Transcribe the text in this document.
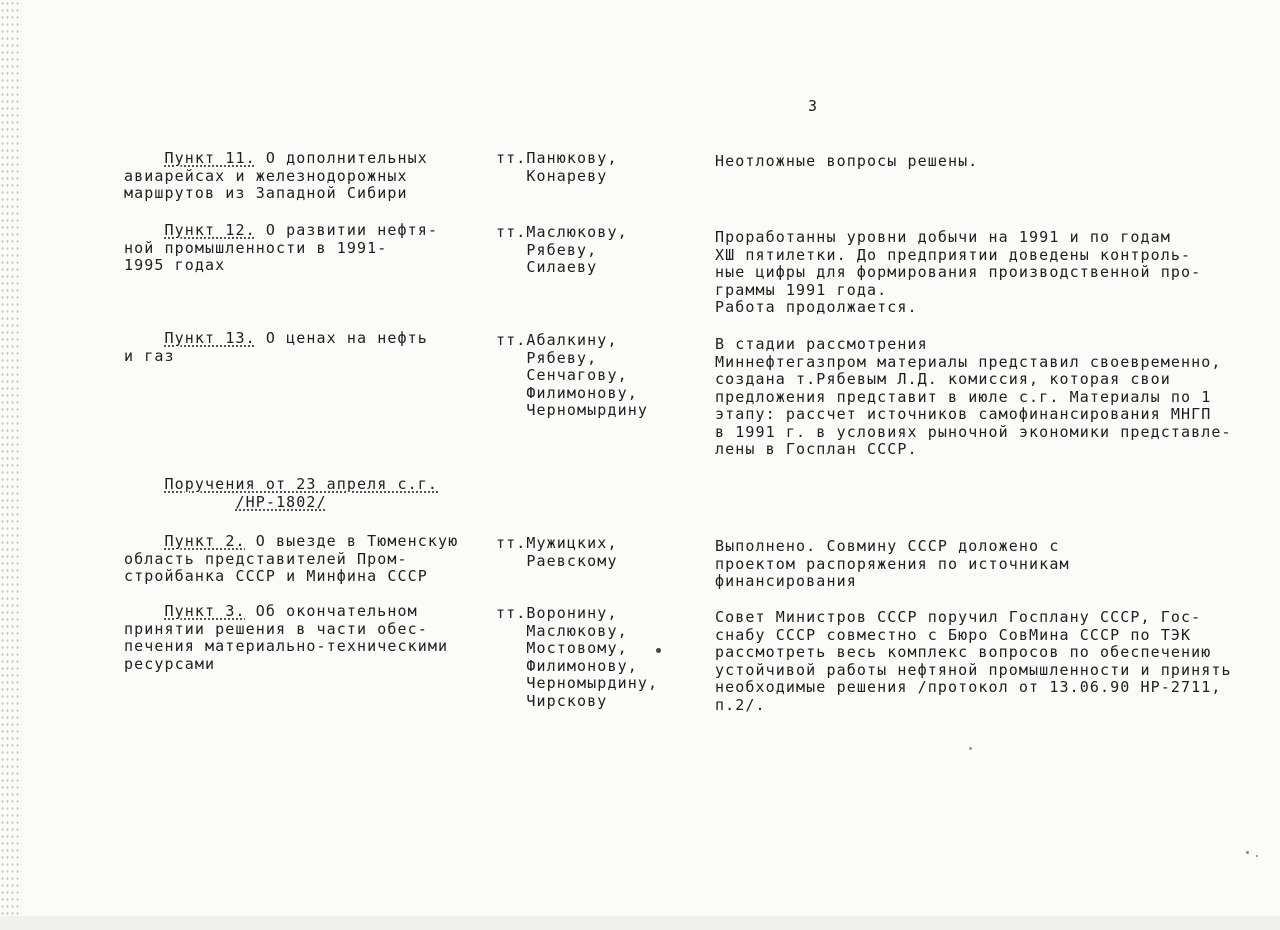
3
Пункт 11. О дополнительных
авиарейсах и железнодорожных
маршрутов из Западной Сибири
тт.Панюкову,
Конареву
Неотложные вопросы решены.
Пункт 12. О развитии нефтя-
ной промышленности в 1991-
1995 годах
тт.Маслюкову,
Рябеву,
Силаеву
Проработанны уровни добычи на 1991 и по годам
ХШ пятилетки. До предприятии доведены контроль-
ные цифры для формирования производственной про-
граммы 1991 года.
Работа продолжается.
Пункт 13. О ценах на нефть
и газ
тт.Абалкину,
Рябеву,
Сенчагову,
Филимонову,
Черномырдину
В стадии рассмотрения
Миннефтегазпром материалы представил своевременно,
создана т.Рябевым Л.Д. комиссия, которая свои
предложения представит в июле с.г. Материалы по 1
этапу: рассчет источников самофинансирования МНГП
в 1991 г. в условиях рыночной экономики представле-
лены в Госплан СССР.
Поручения от 23 апреля с.г.
/НР-1802/
Пункт 2. О выезде в Тюменскую
область представителей Пром-
стройбанка СССР и Минфина СССР
тт.Мужицких,
Раевскому
Выполнено. Совмину СССР доложено с
проектом распоряжения по источникам
финансирования
Пункт 3. Об окончательном
принятии решения в части обес-
печения материально-техническими
ресурсами
тт.Воронину,
Маслюкову,
Мостовому,
Филимонову,
Черномырдину,
Чирскову
Совет Министров СССР поручил Госплану СССР, Гос-
снабу СССР совместно с Бюро СовМина СССР по ТЭК
рассмотреть весь комплекс вопросов по обеспечению
устойчивой работы нефтяной промышленности и принять
необходимые решения /протокол от 13.06.90 НР-2711,
п.2/.
